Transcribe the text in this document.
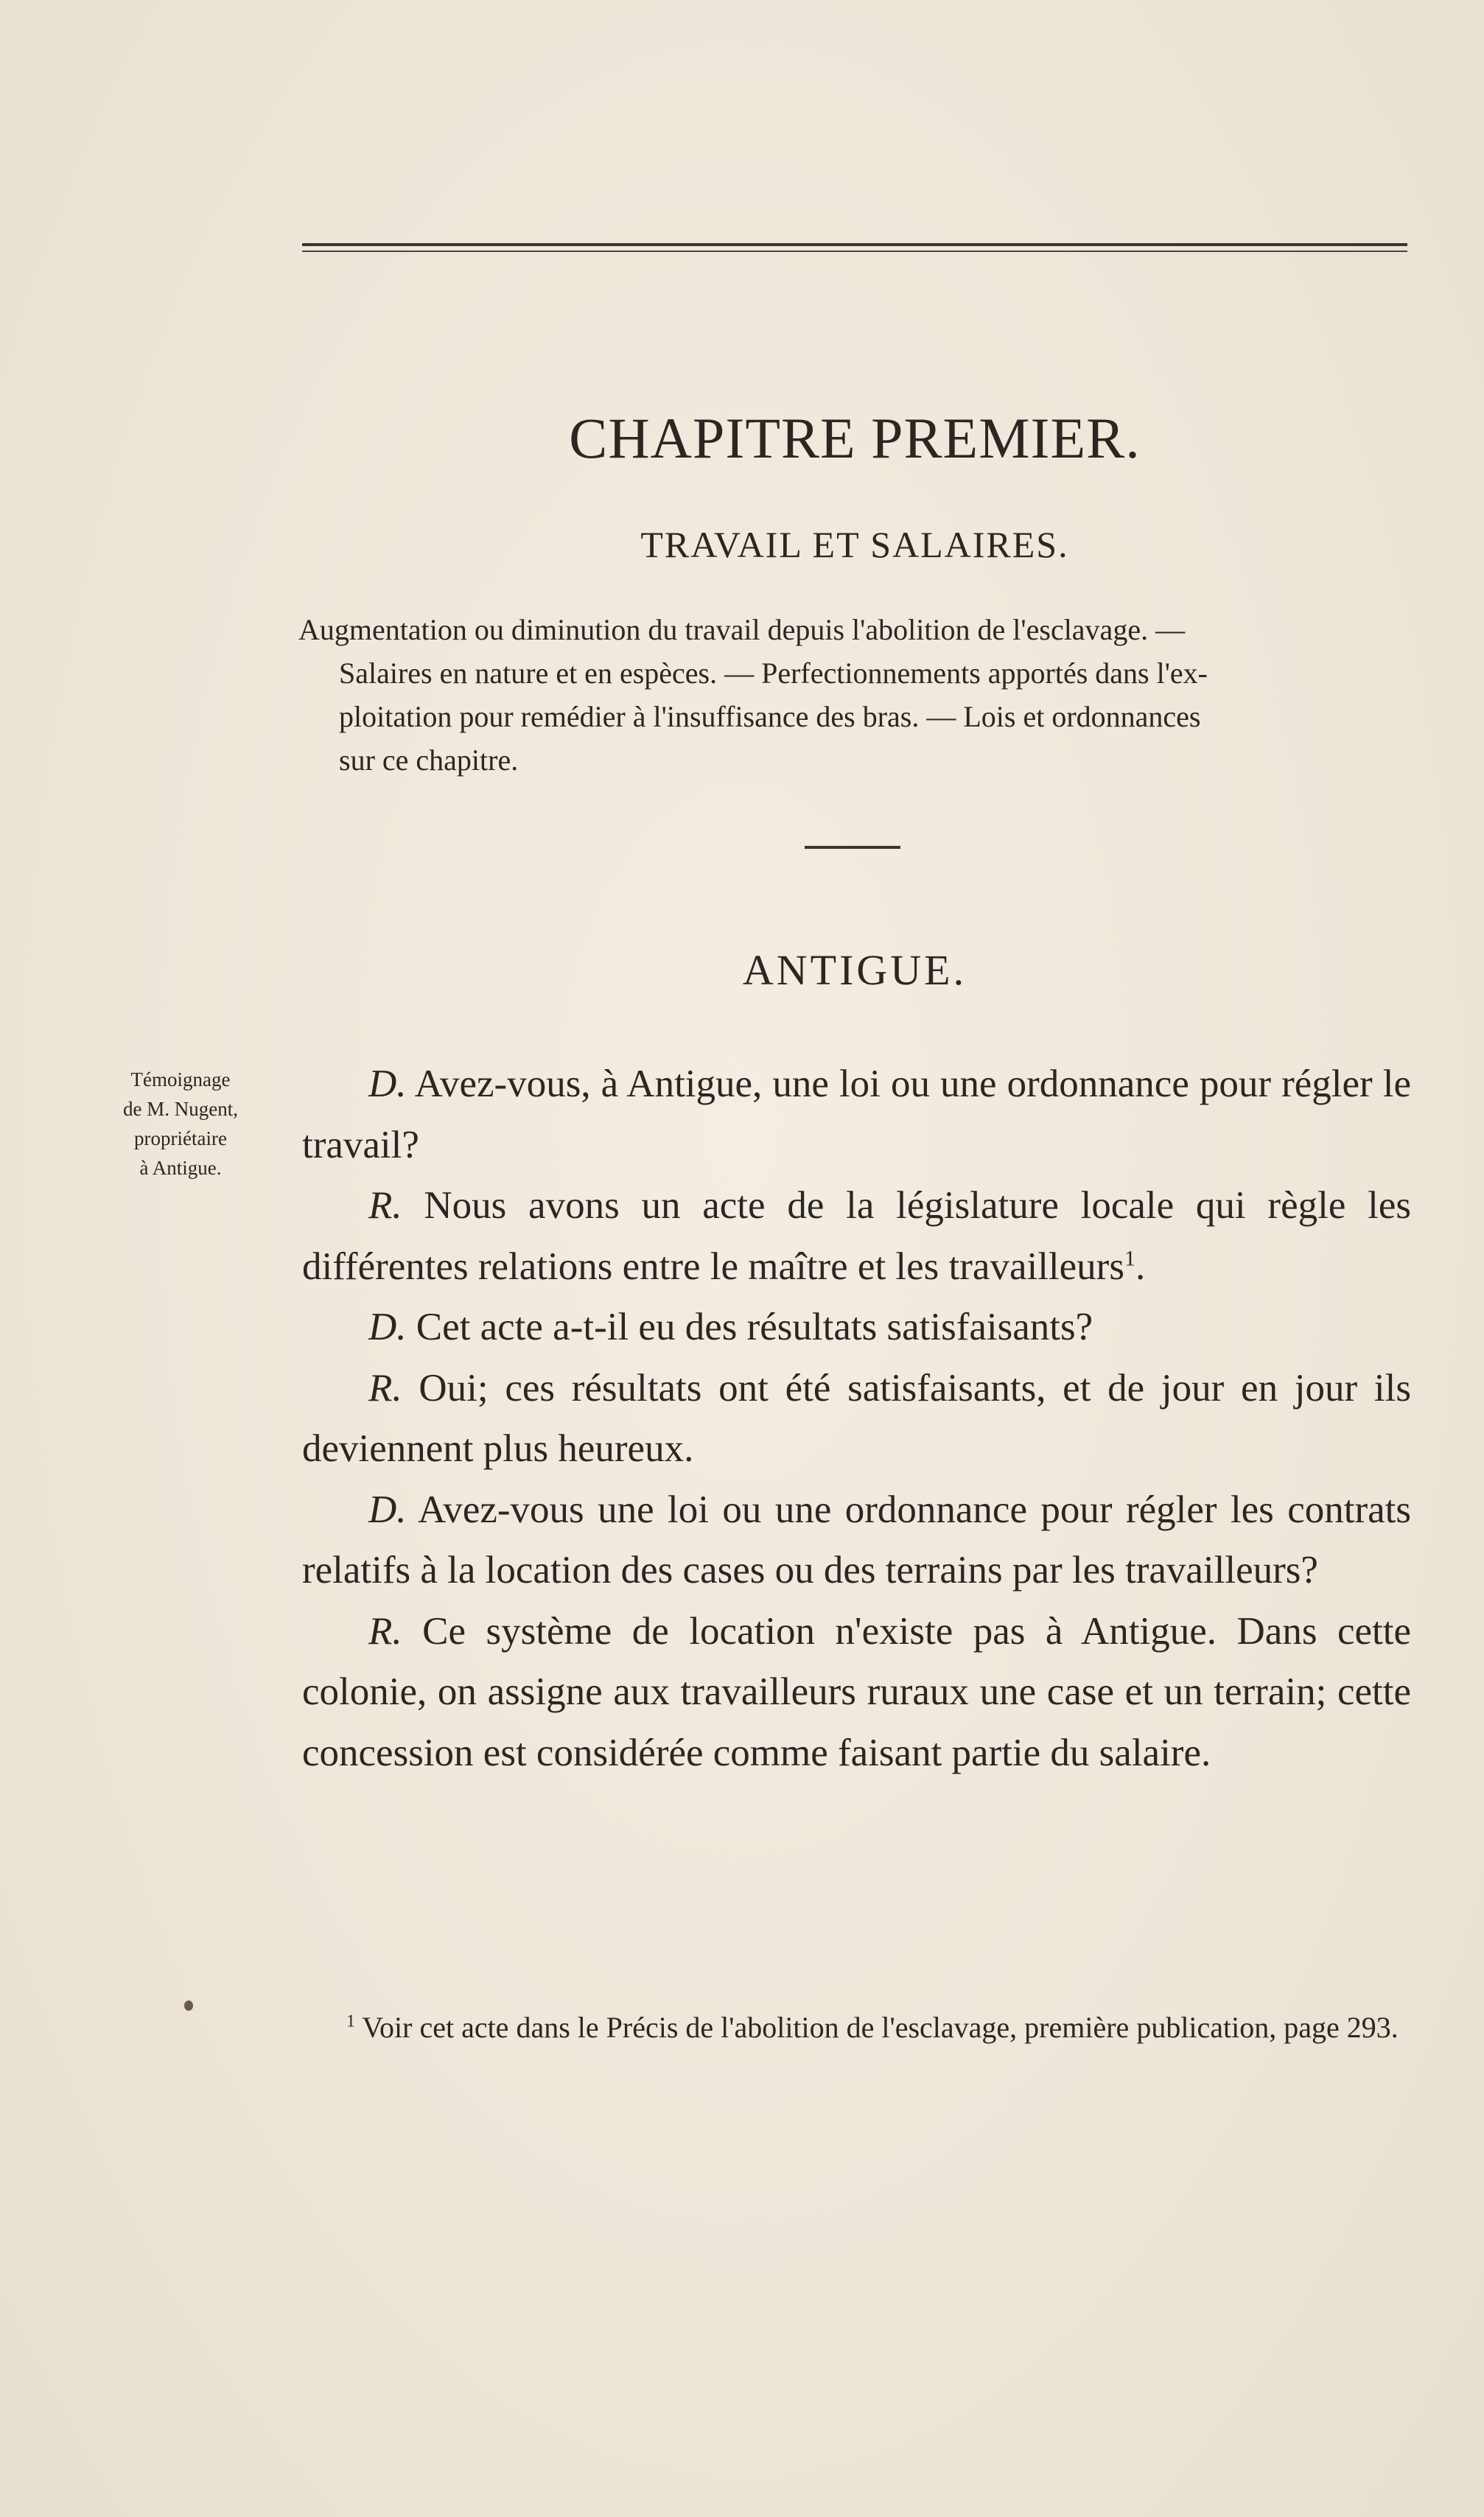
CHAPITRE PREMIER.
TRAVAIL ET SALAIRES.

Augmentation ou diminution du travail depuis l'abolition de l'esclavage. —

Salaires en nature et en espèces. — Perfectionnements apportés dans l'ex-

ploitation pour remédier à l'insuffisance des bras. — Lois et ordonnances

sur ce chapitre.

ANTIGUE.
Témoignage
de M. Nugent,
propriétaire
à Antigue.

D. Avez-vous, à Antigue, une loi ou une ordonnance pour régler le travail?

R. Nous avons un acte de la législature locale qui règle les différentes relations entre le maître et les travailleurs$^1$.

D. Cet acte a-t-il eu des résultats satisfaisants?

R. Oui; ces résultats ont été satisfaisants, et de jour en jour ils deviennent plus heureux.

D. Avez-vous une loi ou une ordonnance pour régler les contrats relatifs à la location des cases ou des terrains par les travailleurs?

R. Ce système de location n'existe pas à Antigue. Dans cette colonie, on assigne aux travailleurs ruraux une case et un terrain; cette concession est considérée comme faisant partie du salaire.

$^1$ Voir cet acte dans le Précis de l'abolition de l'esclavage, première publication, page 293.
